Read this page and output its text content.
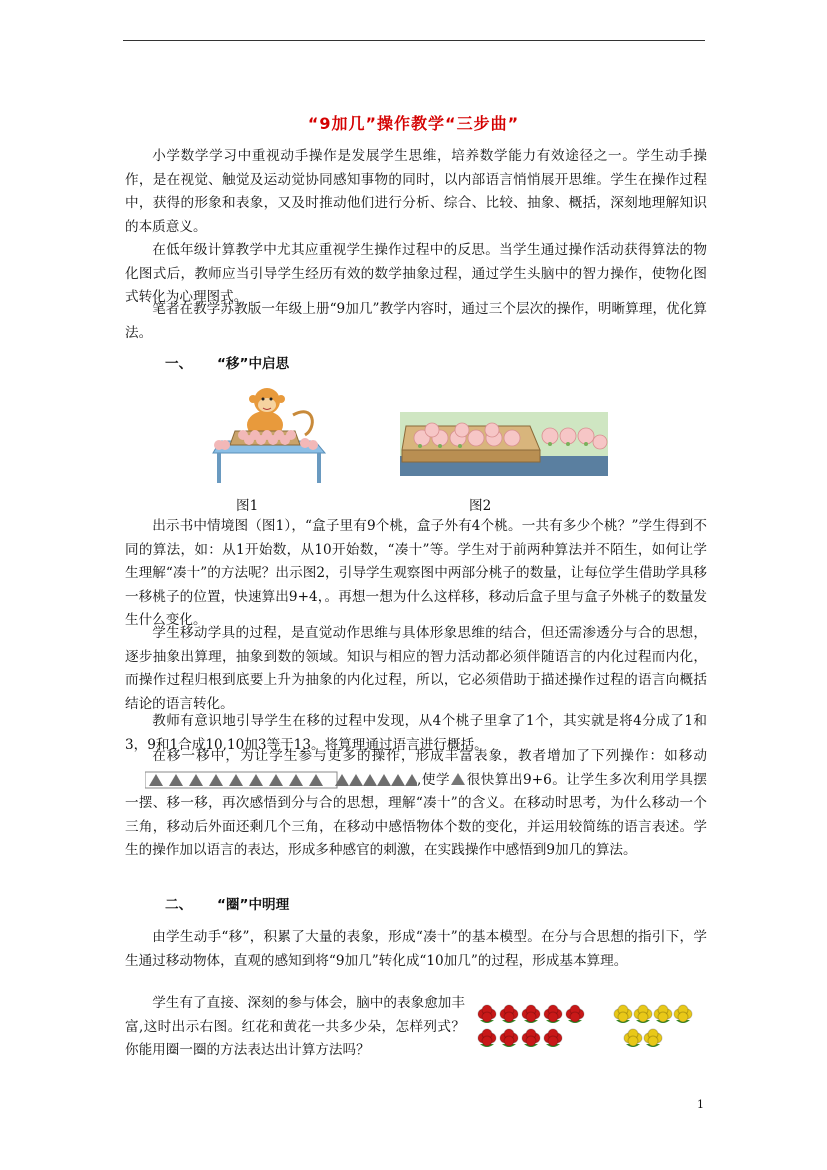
“9加几”操作教学“三步曲”
小学数学学习中重视动手操作是发展学生思维，培养数学能力有效途径之一。学生动手操作，是在视觉、触觉及运动觉协同感知事物的同时，以内部语言悄悄展开思维。学生在操作过程中，获得的形象和表象，又及时推动他们进行分析、综合、比较、抽象、概括，深刻地理解知识的本质意义。
在低年级计算教学中尤其应重视学生操作过程中的反思。当学生通过操作活动获得算法的物化图式后，教师应当引导学生经历有效的数学抽象过程，通过学生头脑中的智力操作，使物化图式转化为心理图式。
笔者在教学苏教版一年级上册“9加几”教学内容时，通过三个层次的操作，明晰算理，优化算法。
一、 “移”中启思
图1	图2
出示书中情境图（图1），“盒子里有9个桃，盒子外有4个桃。一共有多少个桃？”学生得到不同的算法，如：从1开始数，从10开始数，“凑十”等。学生对于前两种算法并不陌生，如何让学生理解“凑十”的方法呢？出示图2，引导学生观察图中两部分桃子的数量，让每位学生借助学具移一移桃子的位置，快速算出9+4，。再想一想为什么这样移，移动后盒子里与盒子外桃子的数量发生什么变化。
学生移动学具的过程，是直觉动作思维与具体形象思维的结合，但还需渗透分与合的思想，逐步抽象出算理，抽象到数的领域。知识与相应的智力活动都必须伴随语言的内化过程而内化，而操作过程归根到底要上升为抽象的内化过程，所以，它必须借助于描述操作过程的语言向概括结论的语言转化。
教师有意识地引导学生在移的过程中发现，从4个桃子里拿了1个，其实就是将4分成了1和3，9和1合成10,10加3等于13。将算理通过语言进行概括。
在移一移中，为让学生参与更多的操作，形成丰富表象，教者增加了下列操作：如移动,使学 很快算出9+6。让学生多次利用学具摆一摆、移一移，再次感悟到分与合的思想，理解“凑十”的含义。在移动时思考，为什么移动一个三角，移动后外面还剩几个三角，在移动中感悟物体个数的变化，并运用较简练的语言表述。学生的操作加以语言的表达，形成多种感官的刺激，在实践操作中感悟到9加几的算法。
二、 “圈”中明理
由学生动手“移”，积累了大量的表象，形成“凑十”的基本模型。在分与合思想的指引下，学生通过移动物体，直观的感知到将“9加几”转化成“10加几”的过程，形成基本算理。
学生有了直接、深刻的参与体会，脑中的表象愈加丰富,这时出示右图。红花和黄花一共多少朵，怎样列式？你能用圈一圈的方法表达出计算方法吗？
1
